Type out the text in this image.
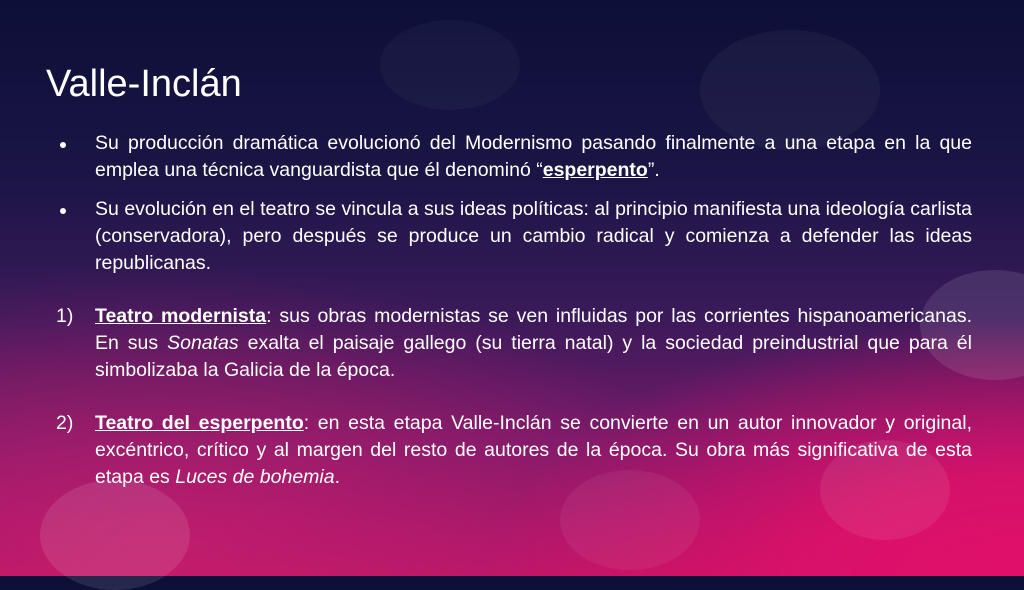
Valle-Inclán
Su producción dramática evolucionó del Modernismo pasando finalmente a una etapa en la que emplea una técnica vanguardista que él denominó “esperpento”.
Su evolución en el teatro se vincula a sus ideas políticas: al principio manifiesta una ideología carlista (conservadora), pero después se produce un cambio radical y comienza a defender las ideas republicanas.
1) Teatro modernista: sus obras modernistas se ven influidas por las corrientes hispanoamericanas. En sus Sonatas exalta el paisaje gallego (su tierra natal) y la sociedad preindustrial que para él simbolizaba la Galicia de la época.
2) Teatro del esperpento: en esta etapa Valle-Inclán se convierte en un autor innovador y original, excéntrico, crítico y al margen del resto de autores de la época. Su obra más significativa de esta etapa es Luces de bohemia.
